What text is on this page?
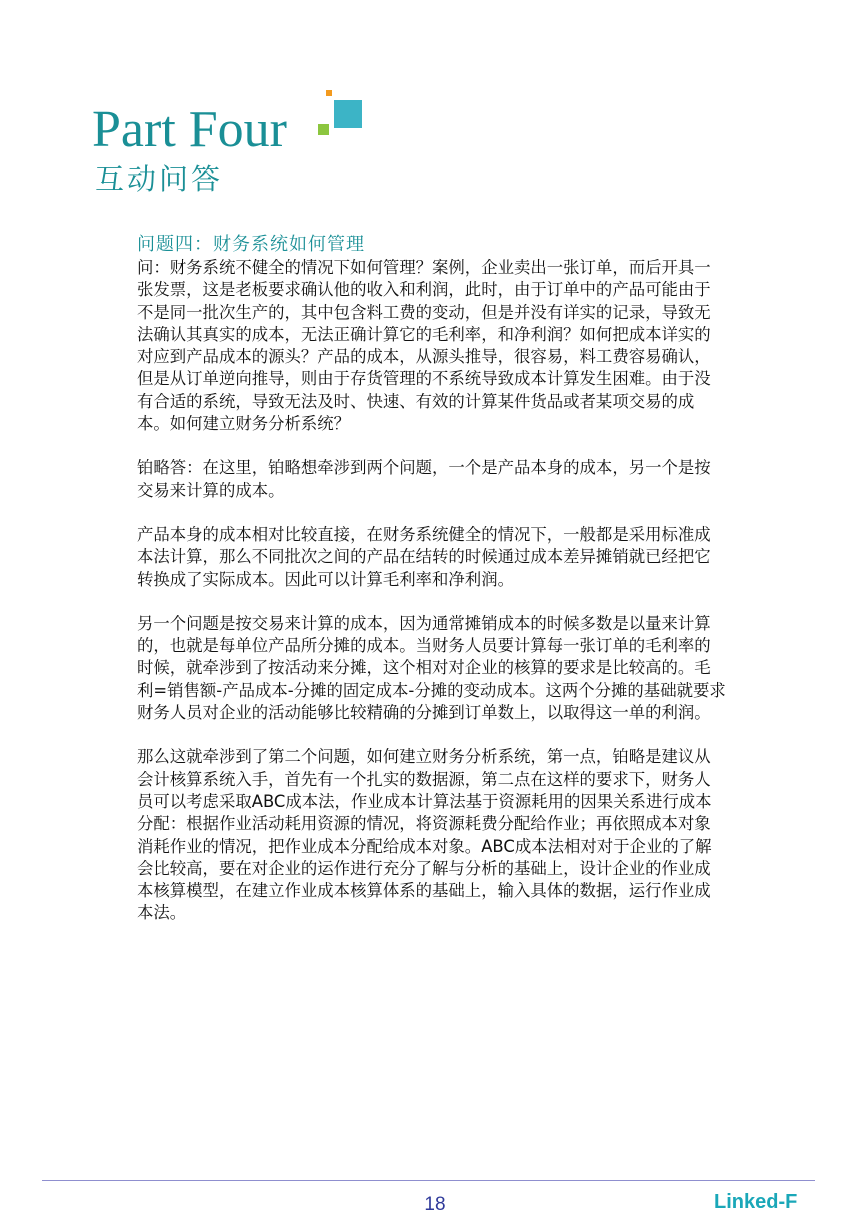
Part Four
互动问答

问题四：财务系统如何管理

问：财务系统不健全的情况下如何管理？案例，企业卖出一张订单，而后开具一张发票，这是老板要求确认他的收入和利润，此时，由于订单中的产品可能由于不是同一批次生产的，其中包含料工费的变动，但是并没有详实的记录，导致无法确认其真实的成本，无法正确计算它的毛利率，和净利润？如何把成本详实的对应到产品成本的源头？产品的成本，从源头推导，很容易，料工费容易确认，但是从订单逆向推导，则由于存货管理的不系统导致成本计算发生困难。由于没有合适的系统，导致无法及时、快速、有效的计算某件货品或者某项交易的成本。如何建立财务分析系统？

铂略答：在这里，铂略想牵涉到两个问题，一个是产品本身的成本，另一个是按交易来计算的成本。

产品本身的成本相对比较直接，在财务系统健全的情况下，一般都是采用标准成本法计算，那么不同批次之间的产品在结转的时候通过成本差异摊销就已经把它转换成了实际成本。因此可以计算毛利率和净利润。

另一个问题是按交易来计算的成本，因为通常摊销成本的时候多数是以量来计算的，也就是每单位产品所分摊的成本。当财务人员要计算每一张订单的毛利率的时候，就牵涉到了按活动来分摊，这个相对对企业的核算的要求是比较高的。毛利=销售额-产品成本-分摊的固定成本-分摊的变动成本。这两个分摊的基础就要求财务人员对企业的活动能够比较精确的分摊到订单数上，以取得这一单的利润。

那么这就牵涉到了第二个问题，如何建立财务分析系统，第一点，铂略是建议从会计核算系统入手，首先有一个扎实的数据源，第二点在这样的要求下，财务人员可以考虑采取ABC成本法，作业成本计算法基于资源耗用的因果关系进行成本分配：根据作业活动耗用资源的情况，将资源耗费分配给作业；再依照成本对象消耗作业的情况，把作业成本分配给成本对象。ABC成本法相对对于企业的了解会比较高，要在对企业的运作进行充分了解与分析的基础上，设计企业的作业成本核算模型，在建立作业成本核算体系的基础上，输入具体的数据，运行作业成本法。

18	Linked-F
